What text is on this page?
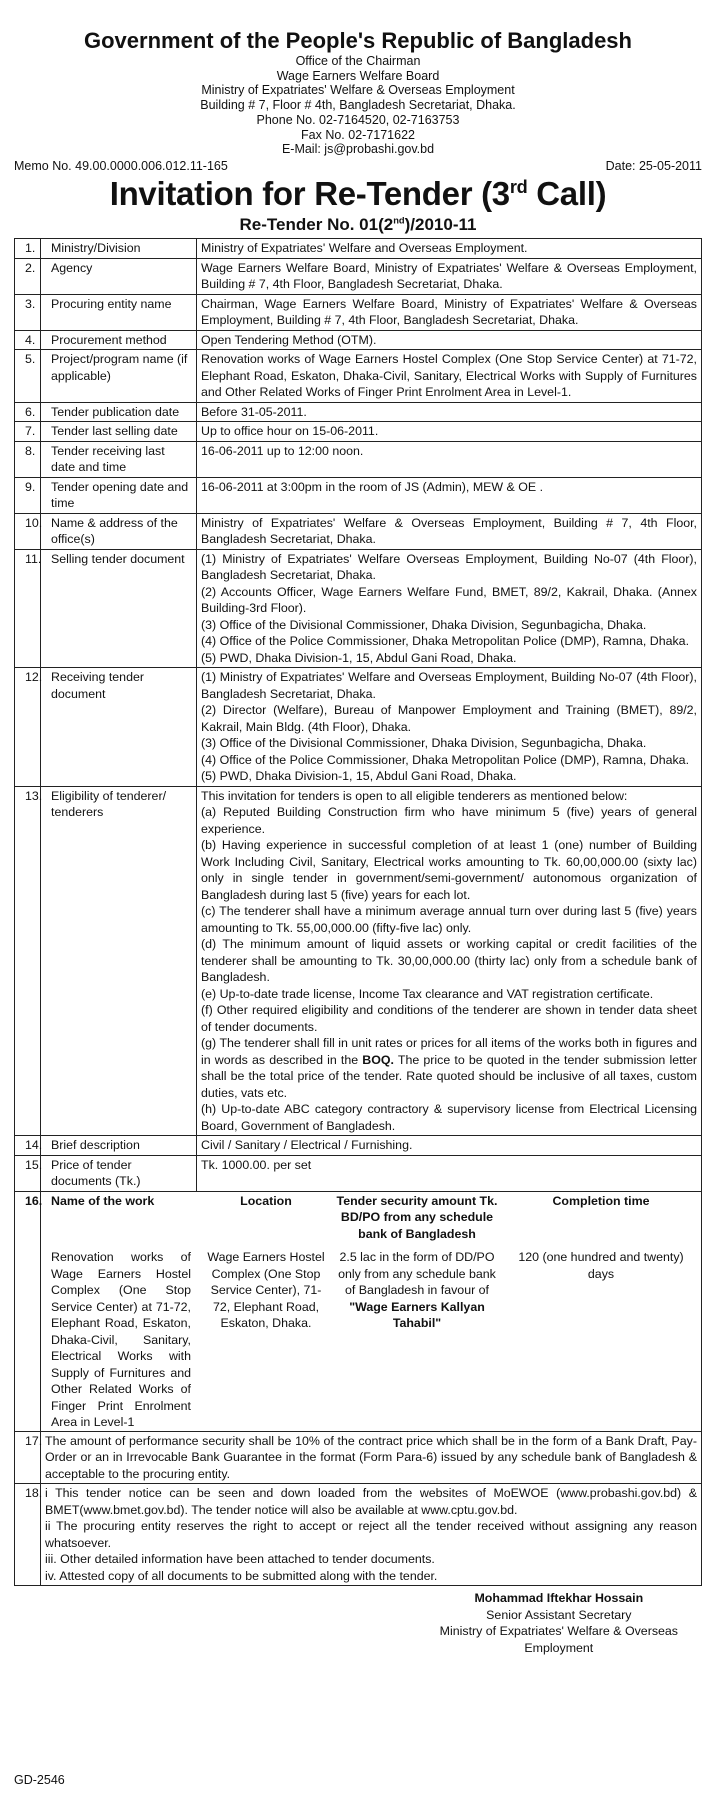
Government of the People's Republic of Bangladesh
Office of the Chairman
Wage Earners Welfare Board
Ministry of Expatriates' Welfare & Overseas Employment
Building # 7, Floor # 4th, Bangladesh Secretariat, Dhaka.
Phone No. 02-7164520, 02-7163753
Fax No. 02-7171622
E-Mail: js@probashi.gov.bd
Memo No. 49.00.0000.006.012.11-165	Date: 25-05-2011
Invitation for Re-Tender (3rd Call)
Re-Tender No. 01(2nd)/2010-11
1.	Ministry/Division	Ministry of Expatriates' Welfare and Overseas Employment.
2.	Agency	Wage Earners Welfare Board, Ministry of Expatriates' Welfare & Overseas Employment, Building # 7, 4th Floor, Bangladesh Secretariat, Dhaka.
3.	Procuring entity name	Chairman, Wage Earners Welfare Board, Ministry of Expatriates' Welfare & Overseas Employment, Building # 7, 4th Floor, Bangladesh Secretariat, Dhaka.
4.	Procurement method	Open Tendering Method (OTM).
5.	Project/program name (if applicable)	Renovation works of Wage Earners Hostel Complex (One Stop Service Center) at 71-72, Elephant Road, Eskaton, Dhaka-Civil, Sanitary, Electrical Works with Supply of Furnitures and Other Related Works of Finger Print Enrolment Area in Level-1.
6.	Tender publication date	Before 31-05-2011.
7.	Tender last selling date	Up to office hour on 15-06-2011.
8.	Tender receiving last date and time	16-06-2011 up to 12:00 noon.
9.	Tender opening date and time	16-06-2011 at 3:00pm in the room of JS (Admin), MEW & OE .
10.	Name & address of the office(s)	Ministry of Expatriates' Welfare & Overseas Employment, Building # 7, 4th Floor, Bangladesh Secretariat, Dhaka.
11.	Selling tender document	(1) Ministry of Expatriates' Welfare Overseas Employment, Building No-07 (4th Floor), Bangladesh Secretariat, Dhaka.
(2) Accounts Officer, Wage Earners Welfare Fund, BMET, 89/2, Kakrail, Dhaka. (Annex Building-3rd Floor).
(3) Office of the Divisional Commissioner, Dhaka Division, Segunbagicha, Dhaka.
(4) Office of the Police Commissioner, Dhaka Metropolitan Police (DMP), Ramna, Dhaka.
(5) PWD, Dhaka Division-1, 15, Abdul Gani Road, Dhaka.

12.	Receiving tender document	
(1) Ministry of Expatriates' Welfare and Overseas Employment, Building No-07 (4th Floor), Bangladesh Secretariat, Dhaka.
(2) Director (Welfare), Bureau of Manpower Employment and Training (BMET), 89/2, Kakrail, Main Bldg. (4th Floor), Dhaka.
(3) Office of the Divisional Commissioner, Dhaka Division, Segunbagicha, Dhaka.
(4) Office of the Police Commissioner, Dhaka Metropolitan Police (DMP), Ramna, Dhaka.
(5) PWD, Dhaka Division-1, 15, Abdul Gani Road, Dhaka.

13.	Eligibility of tenderer/ tenderers	
This invitation for tenders is open to all eligible tenderers as mentioned below:
(a) Reputed Building Construction firm who have minimum 5 (five) years of general experience.
(b) Having experience in successful completion of at least 1 (one) number of Building Work Including Civil, Sanitary, Electrical works amounting to Tk. 60,00,000.00 (sixty lac) only in single tender in government/semi-government/ autonomous organization of Bangladesh during last 5 (five) years for each lot.
(c) The tenderer shall have a minimum average annual turn over during last 5 (five) years amounting to Tk. 55,00,000.00 (fifty-five lac) only.
(d) The minimum amount of liquid assets or working capital or credit facilities of the tenderer shall be amounting to Tk. 30,00,000.00 (thirty lac) only from a schedule bank of Bangladesh.
(e) Up-to-date trade license, Income Tax clearance and VAT registration certificate.
(f) Other required eligibility and conditions of the tenderer are shown in tender data sheet of tender documents.
(g) The tenderer shall fill in unit rates or prices for all items of the works both in figures and in words as described in the BOQ. The price to be quoted in the tender submission letter shall be the total price of the tender. Rate quoted should be inclusive of all taxes, custom duties, vats etc.
(h) Up-to-date ABC category contractory & supervisory license from Electrical Licensing Board, Government of Bangladesh.

14.	Brief description	Civil / Sanitary / Electrical / Furnishing.
15.	Price of tender documents (Tk.)	Tk. 1000.00. per set
16.	Name of the work	Location	Tender security amount Tk. BD/PO from any schedule bank of Bangladesh	Completion time
Renovation works of Wage Earners Hostel Complex (One Stop Service Center) at 71-72, Elephant Road, Eskaton, Dhaka-Civil, Sanitary, Electrical Works with Supply of Furnitures and Other Related Works of Finger Print Enrolment Area in Level-1	Wage Earners Hostel Complex (One Stop Service Center), 71-72, Elephant Road, Eskaton, Dhaka.	2.5 lac in the form of DD/PO only from any schedule bank of Bangladesh in favour of "Wage Earners Kallyan Tahabil"	120 (one hundred and twenty) days

17.	The amount of performance security shall be 10% of the contract price which shall be in the form of a Bank Draft, Pay-Order or an in Irrevocable Bank Guarantee in the format (Form Para-6) issued by any schedule bank of Bangladesh & acceptable to the procuring entity.
18.	i This tender notice can be seen and down loaded from the websites of MoEWOE (www.probashi.gov.bd) & BMET(www.bmet.gov.bd). The tender notice will also be available at www.cptu.gov.bd.
ii The procuring entity reserves the right to accept or reject all the tender received without assigning any reason whatsoever.
iii. Other detailed information have been attached to tender documents.
iv. Attested copy of all documents to be submitted along with the tender.
Mohammad Iftekhar Hossain
Senior Assistant Secretary
Ministry of Expatriates' Welfare & Overseas
Employment
GD-2546
